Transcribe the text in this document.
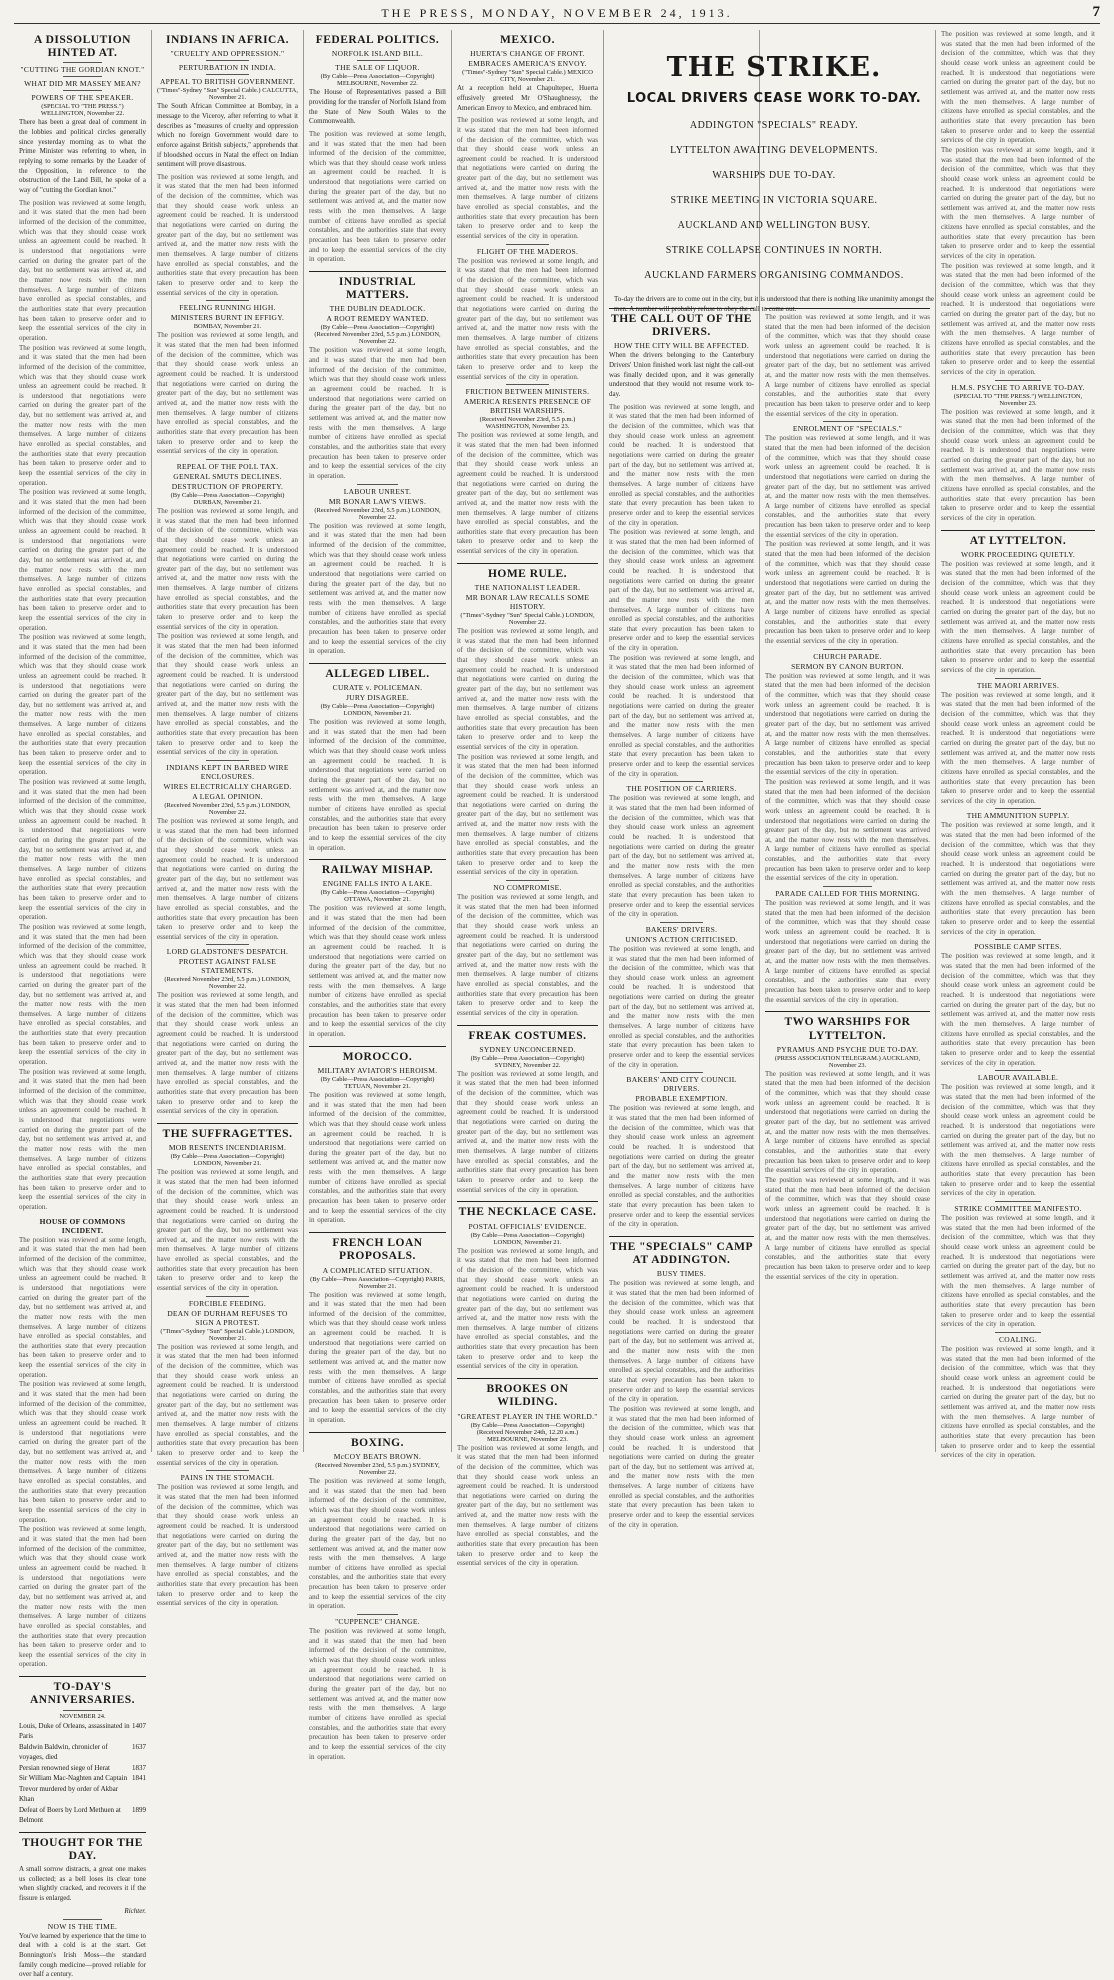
THE PRESS, MONDAY, NOVEMBER 24, 1913.	7
A DISSOLUTION HINTED AT.
"CUTTING THE GORDIAN KNOT."
WHAT DID MR MASSEY MEAN?
POWERS OF THE SPEAKER.
(SPECIAL TO "THE PRESS.") WELLINGTON, November 22.

There has been a great deal of comment in the lobbies and political circles generally since yesterday morning as to what the Prime Minister was referring to when, in replying to some remarks by the Leader of the Opposition, in reference to the obstruction of the Land Bill, he spoke of a way of "cutting the Gordian knot."

The position was reviewed at some length, and it was stated that the men had been informed of the decision of the committee, which was that they should cease work unless an agreement could be reached. It is understood that negotiations were carried on during the greater part of the day, but no settlement was arrived at, and the matter now rests with the men themselves. A large number of citizens have enrolled as special constables, and the authorities state that every precaution has been taken to preserve order and to keep the essential services of the city in operation.

The position was reviewed at some length, and it was stated that the men had been informed of the decision of the committee, which was that they should cease work unless an agreement could be reached. It is understood that negotiations were carried on during the greater part of the day, but no settlement was arrived at, and the matter now rests with the men themselves. A large number of citizens have enrolled as special constables, and the authorities state that every precaution has been taken to preserve order and to keep the essential services of the city in operation.

The position was reviewed at some length, and it was stated that the men had been informed of the decision of the committee, which was that they should cease work unless an agreement could be reached. It is understood that negotiations were carried on during the greater part of the day, but no settlement was arrived at, and the matter now rests with the men themselves. A large number of citizens have enrolled as special constables, and the authorities state that every precaution has been taken to preserve order and to keep the essential services of the city in operation.

The position was reviewed at some length, and it was stated that the men had been informed of the decision of the committee, which was that they should cease work unless an agreement could be reached. It is understood that negotiations were carried on during the greater part of the day, but no settlement was arrived at, and the matter now rests with the men themselves. A large number of citizens have enrolled as special constables, and the authorities state that every precaution has been taken to preserve order and to keep the essential services of the city in operation.

The position was reviewed at some length, and it was stated that the men had been informed of the decision of the committee, which was that they should cease work unless an agreement could be reached. It is understood that negotiations were carried on during the greater part of the day, but no settlement was arrived at, and the matter now rests with the men themselves. A large number of citizens have enrolled as special constables, and the authorities state that every precaution has been taken to preserve order and to keep the essential services of the city in operation.

The position was reviewed at some length, and it was stated that the men had been informed of the decision of the committee, which was that they should cease work unless an agreement could be reached. It is understood that negotiations were carried on during the greater part of the day, but no settlement was arrived at, and the matter now rests with the men themselves. A large number of citizens have enrolled as special constables, and the authorities state that every precaution has been taken to preserve order and to keep the essential services of the city in operation.

The position was reviewed at some length, and it was stated that the men had been informed of the decision of the committee, which was that they should cease work unless an agreement could be reached. It is understood that negotiations were carried on during the greater part of the day, but no settlement was arrived at, and the matter now rests with the men themselves. A large number of citizens have enrolled as special constables, and the authorities state that every precaution has been taken to preserve order and to keep the essential services of the city in operation.

HOUSE OF COMMONS INCIDENT.

The position was reviewed at some length, and it was stated that the men had been informed of the decision of the committee, which was that they should cease work unless an agreement could be reached. It is understood that negotiations were carried on during the greater part of the day, but no settlement was arrived at, and the matter now rests with the men themselves. A large number of citizens have enrolled as special constables, and the authorities state that every precaution has been taken to preserve order and to keep the essential services of the city in operation.

The position was reviewed at some length, and it was stated that the men had been informed of the decision of the committee, which was that they should cease work unless an agreement could be reached. It is understood that negotiations were carried on during the greater part of the day, but no settlement was arrived at, and the matter now rests with the men themselves. A large number of citizens have enrolled as special constables, and the authorities state that every precaution has been taken to preserve order and to keep the essential services of the city in operation.

The position was reviewed at some length, and it was stated that the men had been informed of the decision of the committee, which was that they should cease work unless an agreement could be reached. It is understood that negotiations were carried on during the greater part of the day, but no settlement was arrived at, and the matter now rests with the men themselves. A large number of citizens have enrolled as special constables, and the authorities state that every precaution has been taken to preserve order and to keep the essential services of the city in operation.

TO-DAY'S ANNIVERSARIES.
NOVEMBER 24.
Louis, Duke of Orleans, assassinated in Paris
1407
Baldwin Baldwin, chronicler of voyages, died
1637
Persian renowned siege of Herat	1837
Sir William Mac-Naghten and Captain Trevor murdered by order of Akbar Khan
1841
Defeat of Boers by Lord Methuen at Belmont
1899
THOUGHT FOR THE DAY.

A small sorrow distracts, a great one makes us collected; as a bell loses its clear tone when slightly cracked, and recovers it if the fissure is enlarged.

Richter.
NOW IS THE TIME.

You've learned by experience that the time to deal with a cold is at the start. Get Bonnington's Irish Moss—the standard family cough medicine—proved reliable for over half a century.

INDIANS IN AFRICA.
"CRUELTY AND OPPRESSION."
PERTURBATION IN INDIA.
APPEAL TO BRITISH GOVERNMENT.
("Times"-Sydney "Sun" Special Cable.) CALCUTTA, November 21.

The South African Committee at Bombay, in a message to the Viceroy, after referring to what it describes as "measures of cruelty and oppression which no foreign Government would dare to enforce against British subjects," apprehends that if bloodshed occurs in Natal the effect on Indian sentiment will prove disastrous.

The position was reviewed at some length, and it was stated that the men had been informed of the decision of the committee, which was that they should cease work unless an agreement could be reached. It is understood that negotiations were carried on during the greater part of the day, but no settlement was arrived at, and the matter now rests with the men themselves. A large number of citizens have enrolled as special constables, and the authorities state that every precaution has been taken to preserve order and to keep the essential services of the city in operation.

FEELING RUNNING HIGH.
MINISTERS BURNT IN EFFIGY.
BOMBAY, November 21.

The position was reviewed at some length, and it was stated that the men had been informed of the decision of the committee, which was that they should cease work unless an agreement could be reached. It is understood that negotiations were carried on during the greater part of the day, but no settlement was arrived at, and the matter now rests with the men themselves. A large number of citizens have enrolled as special constables, and the authorities state that every precaution has been taken to preserve order and to keep the essential services of the city in operation.

REPEAL OF THE POLL TAX.
GENERAL SMUTS DECLINES.
DESTRUCTION OF PROPERTY.
(By Cable—Press Association—Copyright) DURBAN, November 21.

The position was reviewed at some length, and it was stated that the men had been informed of the decision of the committee, which was that they should cease work unless an agreement could be reached. It is understood that negotiations were carried on during the greater part of the day, but no settlement was arrived at, and the matter now rests with the men themselves. A large number of citizens have enrolled as special constables, and the authorities state that every precaution has been taken to preserve order and to keep the essential services of the city in operation.

The position was reviewed at some length, and it was stated that the men had been informed of the decision of the committee, which was that they should cease work unless an agreement could be reached. It is understood that negotiations were carried on during the greater part of the day, but no settlement was arrived at, and the matter now rests with the men themselves. A large number of citizens have enrolled as special constables, and the authorities state that every precaution has been taken to preserve order and to keep the essential services of the city in operation.

INDIANS KEPT IN BARBED WIRE ENCLOSURES.
WIRES ELECTRICALLY CHARGED.
A LEGAL OPINION.
(Received November 23rd, 5.5 p.m.) LONDON, November 22.

The position was reviewed at some length, and it was stated that the men had been informed of the decision of the committee, which was that they should cease work unless an agreement could be reached. It is understood that negotiations were carried on during the greater part of the day, but no settlement was arrived at, and the matter now rests with the men themselves. A large number of citizens have enrolled as special constables, and the authorities state that every precaution has been taken to preserve order and to keep the essential services of the city in operation.

LORD GLADSTONE'S DESPATCH.
PROTEST AGAINST FALSE STATEMENTS.
(Received November 23rd, 5.5 p.m.) LONDON, November 22.

The position was reviewed at some length, and it was stated that the men had been informed of the decision of the committee, which was that they should cease work unless an agreement could be reached. It is understood that negotiations were carried on during the greater part of the day, but no settlement was arrived at, and the matter now rests with the men themselves. A large number of citizens have enrolled as special constables, and the authorities state that every precaution has been taken to preserve order and to keep the essential services of the city in operation.

THE SUFFRAGETTES.
MOB RESENTS INCENDIARISM.
(By Cable—Press Association—Copyright) LONDON, November 21.

The position was reviewed at some length, and it was stated that the men had been informed of the decision of the committee, which was that they should cease work unless an agreement could be reached. It is understood that negotiations were carried on during the greater part of the day, but no settlement was arrived at, and the matter now rests with the men themselves. A large number of citizens have enrolled as special constables, and the authorities state that every precaution has been taken to preserve order and to keep the essential services of the city in operation.

FORCIBLE FEEDING.
DEAN OF DURHAM REFUSES TO SIGN A PROTEST.
("Times"-Sydney "Sun" Special Cable.) LONDON, November 21.

The position was reviewed at some length, and it was stated that the men had been informed of the decision of the committee, which was that they should cease work unless an agreement could be reached. It is understood that negotiations were carried on during the greater part of the day, but no settlement was arrived at, and the matter now rests with the men themselves. A large number of citizens have enrolled as special constables, and the authorities state that every precaution has been taken to preserve order and to keep the essential services of the city in operation.

PAINS IN THE STOMACH.

The position was reviewed at some length, and it was stated that the men had been informed of the decision of the committee, which was that they should cease work unless an agreement could be reached. It is understood that negotiations were carried on during the greater part of the day, but no settlement was arrived at, and the matter now rests with the men themselves. A large number of citizens have enrolled as special constables, and the authorities state that every precaution has been taken to preserve order and to keep the essential services of the city in operation.

FEDERAL POLITICS.
NORFOLK ISLAND BILL.
THE SALE OF LIQUOR.
(By Cable—Press Association—Copyright) MELBOURNE, November 22.

The House of Representatives passed a Bill providing for the transfer of Norfolk Island from the State of New South Wales to the Commonwealth.

The position was reviewed at some length, and it was stated that the men had been informed of the decision of the committee, which was that they should cease work unless an agreement could be reached. It is understood that negotiations were carried on during the greater part of the day, but no settlement was arrived at, and the matter now rests with the men themselves. A large number of citizens have enrolled as special constables, and the authorities state that every precaution has been taken to preserve order and to keep the essential services of the city in operation.

INDUSTRIAL MATTERS.
THE DUBLIN DEADLOCK.
A ROOT REMEDY WANTED.
(By Cable—Press Association—Copyright) (Received November 23rd, 5.5 p.m.) LONDON, November 22.

The position was reviewed at some length, and it was stated that the men had been informed of the decision of the committee, which was that they should cease work unless an agreement could be reached. It is understood that negotiations were carried on during the greater part of the day, but no settlement was arrived at, and the matter now rests with the men themselves. A large number of citizens have enrolled as special constables, and the authorities state that every precaution has been taken to preserve order and to keep the essential services of the city in operation.

LABOUR UNREST.
MR BONAR LAW'S VIEWS.
(Received November 23rd, 5.5 p.m.) LONDON, November 22.

The position was reviewed at some length, and it was stated that the men had been informed of the decision of the committee, which was that they should cease work unless an agreement could be reached. It is understood that negotiations were carried on during the greater part of the day, but no settlement was arrived at, and the matter now rests with the men themselves. A large number of citizens have enrolled as special constables, and the authorities state that every precaution has been taken to preserve order and to keep the essential services of the city in operation.

ALLEGED LIBEL.
CURATE v. POLICEMAN.
JURY DISAGREE.
(By Cable—Press Association—Copyright) LONDON, November 21.

The position was reviewed at some length, and it was stated that the men had been informed of the decision of the committee, which was that they should cease work unless an agreement could be reached. It is understood that negotiations were carried on during the greater part of the day, but no settlement was arrived at, and the matter now rests with the men themselves. A large number of citizens have enrolled as special constables, and the authorities state that every precaution has been taken to preserve order and to keep the essential services of the city in operation.

RAILWAY MISHAP.
ENGINE FALLS INTO A LAKE.
(By Cable—Press Association—Copyright) OTTAWA, November 21.

The position was reviewed at some length, and it was stated that the men had been informed of the decision of the committee, which was that they should cease work unless an agreement could be reached. It is understood that negotiations were carried on during the greater part of the day, but no settlement was arrived at, and the matter now rests with the men themselves. A large number of citizens have enrolled as special constables, and the authorities state that every precaution has been taken to preserve order and to keep the essential services of the city in operation.

MOROCCO.
MILITARY AVIATOR'S HEROISM.
(By Cable—Press Association—Copyright) TETUAN, November 21.

The position was reviewed at some length, and it was stated that the men had been informed of the decision of the committee, which was that they should cease work unless an agreement could be reached. It is understood that negotiations were carried on during the greater part of the day, but no settlement was arrived at, and the matter now rests with the men themselves. A large number of citizens have enrolled as special constables, and the authorities state that every precaution has been taken to preserve order and to keep the essential services of the city in operation.

FRENCH LOAN PROPOSALS.
A COMPLICATED SITUATION.
(By Cable—Press Association—Copyright) PARIS, November 21.

The position was reviewed at some length, and it was stated that the men had been informed of the decision of the committee, which was that they should cease work unless an agreement could be reached. It is understood that negotiations were carried on during the greater part of the day, but no settlement was arrived at, and the matter now rests with the men themselves. A large number of citizens have enrolled as special constables, and the authorities state that every precaution has been taken to preserve order and to keep the essential services of the city in operation.

BOXING.
McCOY BEATS BROWN.
(Received November 23rd, 5.5 p.m.) SYDNEY, November 22.

The position was reviewed at some length, and it was stated that the men had been informed of the decision of the committee, which was that they should cease work unless an agreement could be reached. It is understood that negotiations were carried on during the greater part of the day, but no settlement was arrived at, and the matter now rests with the men themselves. A large number of citizens have enrolled as special constables, and the authorities state that every precaution has been taken to preserve order and to keep the essential services of the city in operation.

"CUPPENCE" CHANGE.

The position was reviewed at some length, and it was stated that the men had been informed of the decision of the committee, which was that they should cease work unless an agreement could be reached. It is understood that negotiations were carried on during the greater part of the day, but no settlement was arrived at, and the matter now rests with the men themselves. A large number of citizens have enrolled as special constables, and the authorities state that every precaution has been taken to preserve order and to keep the essential services of the city in operation.

MEXICO.
HUERTA'S CHANGE OF FRONT.
EMBRACES AMERICA'S ENVOY.
("Times"-Sydney "Sun" Special Cable.) MEXICO CITY, November 21.

At a reception held at Chapultepec, Huerta effusively greeted Mr O'Shaughnessy, the American Envoy to Mexico, and embraced him.

The position was reviewed at some length, and it was stated that the men had been informed of the decision of the committee, which was that they should cease work unless an agreement could be reached. It is understood that negotiations were carried on during the greater part of the day, but no settlement was arrived at, and the matter now rests with the men themselves. A large number of citizens have enrolled as special constables, and the authorities state that every precaution has been taken to preserve order and to keep the essential services of the city in operation.

FLIGHT OF THE MADEROS.

The position was reviewed at some length, and it was stated that the men had been informed of the decision of the committee, which was that they should cease work unless an agreement could be reached. It is understood that negotiations were carried on during the greater part of the day, but no settlement was arrived at, and the matter now rests with the men themselves. A large number of citizens have enrolled as special constables, and the authorities state that every precaution has been taken to preserve order and to keep the essential services of the city in operation.

FRICTION BETWEEN MINISTERS.
AMERICA RESENTS PRESENCE OF BRITISH WARSHIPS.
(Received November 23rd, 5.5 p.m.) WASHINGTON, November 23.

The position was reviewed at some length, and it was stated that the men had been informed of the decision of the committee, which was that they should cease work unless an agreement could be reached. It is understood that negotiations were carried on during the greater part of the day, but no settlement was arrived at, and the matter now rests with the men themselves. A large number of citizens have enrolled as special constables, and the authorities state that every precaution has been taken to preserve order and to keep the essential services of the city in operation.

HOME RULE.
THE NATIONALIST LEADER.
MR BONAR LAW RECALLS SOME HISTORY.
("Times"-Sydney "Sun" Special Cable.) LONDON, November 22.

The position was reviewed at some length, and it was stated that the men had been informed of the decision of the committee, which was that they should cease work unless an agreement could be reached. It is understood that negotiations were carried on during the greater part of the day, but no settlement was arrived at, and the matter now rests with the men themselves. A large number of citizens have enrolled as special constables, and the authorities state that every precaution has been taken to preserve order and to keep the essential services of the city in operation.

The position was reviewed at some length, and it was stated that the men had been informed of the decision of the committee, which was that they should cease work unless an agreement could be reached. It is understood that negotiations were carried on during the greater part of the day, but no settlement was arrived at, and the matter now rests with the men themselves. A large number of citizens have enrolled as special constables, and the authorities state that every precaution has been taken to preserve order and to keep the essential services of the city in operation.

NO COMPROMISE.

The position was reviewed at some length, and it was stated that the men had been informed of the decision of the committee, which was that they should cease work unless an agreement could be reached. It is understood that negotiations were carried on during the greater part of the day, but no settlement was arrived at, and the matter now rests with the men themselves. A large number of citizens have enrolled as special constables, and the authorities state that every precaution has been taken to preserve order and to keep the essential services of the city in operation.

FREAK COSTUMES.
SYDNEY UNCONCERNED.
(By Cable—Press Association—Copyright) SYDNEY, November 22.

The position was reviewed at some length, and it was stated that the men had been informed of the decision of the committee, which was that they should cease work unless an agreement could be reached. It is understood that negotiations were carried on during the greater part of the day, but no settlement was arrived at, and the matter now rests with the men themselves. A large number of citizens have enrolled as special constables, and the authorities state that every precaution has been taken to preserve order and to keep the essential services of the city in operation.

THE NECKLACE CASE.
POSTAL OFFICIALS' EVIDENCE.
(By Cable—Press Association—Copyright) LONDON, November 21.

The position was reviewed at some length, and it was stated that the men had been informed of the decision of the committee, which was that they should cease work unless an agreement could be reached. It is understood that negotiations were carried on during the greater part of the day, but no settlement was arrived at, and the matter now rests with the men themselves. A large number of citizens have enrolled as special constables, and the authorities state that every precaution has been taken to preserve order and to keep the essential services of the city in operation.

BROOKES ON WILDING.
"GREATEST PLAYER IN THE WORLD."
(By Cable—Press Association—Copyright) (Received November 24th, 12.20 a.m.) MELBOURNE, November 23.

The position was reviewed at some length, and it was stated that the men had been informed of the decision of the committee, which was that they should cease work unless an agreement could be reached. It is understood that negotiations were carried on during the greater part of the day, but no settlement was arrived at, and the matter now rests with the men themselves. A large number of citizens have enrolled as special constables, and the authorities state that every precaution has been taken to preserve order and to keep the essential services of the city in operation.

THE CALL OUT OF THE DRIVERS.
HOW THE CITY WILL BE AFFECTED.

When the drivers belonging to the Canterbury Drivers' Union finished work last night the call-out was finally decided upon, and it was generally understood that they would not resume work to-day.

The position was reviewed at some length, and it was stated that the men had been informed of the decision of the committee, which was that they should cease work unless an agreement could be reached. It is understood that negotiations were carried on during the greater part of the day, but no settlement was arrived at, and the matter now rests with the men themselves. A large number of citizens have enrolled as special constables, and the authorities state that every precaution has been taken to preserve order and to keep the essential services of the city in operation.

The position was reviewed at some length, and it was stated that the men had been informed of the decision of the committee, which was that they should cease work unless an agreement could be reached. It is understood that negotiations were carried on during the greater part of the day, but no settlement was arrived at, and the matter now rests with the men themselves. A large number of citizens have enrolled as special constables, and the authorities state that every precaution has been taken to preserve order and to keep the essential services of the city in operation.

The position was reviewed at some length, and it was stated that the men had been informed of the decision of the committee, which was that they should cease work unless an agreement could be reached. It is understood that negotiations were carried on during the greater part of the day, but no settlement was arrived at, and the matter now rests with the men themselves. A large number of citizens have enrolled as special constables, and the authorities state that every precaution has been taken to preserve order and to keep the essential services of the city in operation.

THE POSITION OF CARRIERS.

The position was reviewed at some length, and it was stated that the men had been informed of the decision of the committee, which was that they should cease work unless an agreement could be reached. It is understood that negotiations were carried on during the greater part of the day, but no settlement was arrived at, and the matter now rests with the men themselves. A large number of citizens have enrolled as special constables, and the authorities state that every precaution has been taken to preserve order and to keep the essential services of the city in operation.

BAKERS' DRIVERS.
UNION'S ACTION CRITICISED.

The position was reviewed at some length, and it was stated that the men had been informed of the decision of the committee, which was that they should cease work unless an agreement could be reached. It is understood that negotiations were carried on during the greater part of the day, but no settlement was arrived at, and the matter now rests with the men themselves. A large number of citizens have enrolled as special constables, and the authorities state that every precaution has been taken to preserve order and to keep the essential services of the city in operation.

BAKERS' AND CITY COUNCIL DRIVERS.
PROBABLE EXEMPTION.

The position was reviewed at some length, and it was stated that the men had been informed of the decision of the committee, which was that they should cease work unless an agreement could be reached. It is understood that negotiations were carried on during the greater part of the day, but no settlement was arrived at, and the matter now rests with the men themselves. A large number of citizens have enrolled as special constables, and the authorities state that every precaution has been taken to preserve order and to keep the essential services of the city in operation.

THE "SPECIALS" CAMP AT ADDINGTON.
BUSY TIMES.

The position was reviewed at some length, and it was stated that the men had been informed of the decision of the committee, which was that they should cease work unless an agreement could be reached. It is understood that negotiations were carried on during the greater part of the day, but no settlement was arrived at, and the matter now rests with the men themselves. A large number of citizens have enrolled as special constables, and the authorities state that every precaution has been taken to preserve order and to keep the essential services of the city in operation.

The position was reviewed at some length, and it was stated that the men had been informed of the decision of the committee, which was that they should cease work unless an agreement could be reached. It is understood that negotiations were carried on during the greater part of the day, but no settlement was arrived at, and the matter now rests with the men themselves. A large number of citizens have enrolled as special constables, and the authorities state that every precaution has been taken to preserve order and to keep the essential services of the city in operation.

The position was reviewed at some length, and it was stated that the men had been informed of the decision of the committee, which was that they should cease work unless an agreement could be reached. It is understood that negotiations were carried on during the greater part of the day, but no settlement was arrived at, and the matter now rests with the men themselves. A large number of citizens have enrolled as special constables, and the authorities state that every precaution has been taken to preserve order and to keep the essential services of the city in operation.

ENROLMENT OF "SPECIALS."

The position was reviewed at some length, and it was stated that the men had been informed of the decision of the committee, which was that they should cease work unless an agreement could be reached. It is understood that negotiations were carried on during the greater part of the day, but no settlement was arrived at, and the matter now rests with the men themselves. A large number of citizens have enrolled as special constables, and the authorities state that every precaution has been taken to preserve order and to keep the essential services of the city in operation.

The position was reviewed at some length, and it was stated that the men had been informed of the decision of the committee, which was that they should cease work unless an agreement could be reached. It is understood that negotiations were carried on during the greater part of the day, but no settlement was arrived at, and the matter now rests with the men themselves. A large number of citizens have enrolled as special constables, and the authorities state that every precaution has been taken to preserve order and to keep the essential services of the city in operation.

CHURCH PARADE.
SERMON BY CANON BURTON.

The position was reviewed at some length, and it was stated that the men had been informed of the decision of the committee, which was that they should cease work unless an agreement could be reached. It is understood that negotiations were carried on during the greater part of the day, but no settlement was arrived at, and the matter now rests with the men themselves. A large number of citizens have enrolled as special constables, and the authorities state that every precaution has been taken to preserve order and to keep the essential services of the city in operation.

The position was reviewed at some length, and it was stated that the men had been informed of the decision of the committee, which was that they should cease work unless an agreement could be reached. It is understood that negotiations were carried on during the greater part of the day, but no settlement was arrived at, and the matter now rests with the men themselves. A large number of citizens have enrolled as special constables, and the authorities state that every precaution has been taken to preserve order and to keep the essential services of the city in operation.

PARADE CALLED FOR THIS MORNING.

The position was reviewed at some length, and it was stated that the men had been informed of the decision of the committee, which was that they should cease work unless an agreement could be reached. It is understood that negotiations were carried on during the greater part of the day, but no settlement was arrived at, and the matter now rests with the men themselves. A large number of citizens have enrolled as special constables, and the authorities state that every precaution has been taken to preserve order and to keep the essential services of the city in operation.

TWO WARSHIPS FOR LYTTELTON.
PYRAMUS AND PSYCHE DUE TO-DAY.
(PRESS ASSOCIATION TELEGRAM.) AUCKLAND, November 23.

The position was reviewed at some length, and it was stated that the men had been informed of the decision of the committee, which was that they should cease work unless an agreement could be reached. It is understood that negotiations were carried on during the greater part of the day, but no settlement was arrived at, and the matter now rests with the men themselves. A large number of citizens have enrolled as special constables, and the authorities state that every precaution has been taken to preserve order and to keep the essential services of the city in operation.

The position was reviewed at some length, and it was stated that the men had been informed of the decision of the committee, which was that they should cease work unless an agreement could be reached. It is understood that negotiations were carried on during the greater part of the day, but no settlement was arrived at, and the matter now rests with the men themselves. A large number of citizens have enrolled as special constables, and the authorities state that every precaution has been taken to preserve order and to keep the essential services of the city in operation.

The position was reviewed at some length, and it was stated that the men had been informed of the decision of the committee, which was that they should cease work unless an agreement could be reached. It is understood that negotiations were carried on during the greater part of the day, but no settlement was arrived at, and the matter now rests with the men themselves. A large number of citizens have enrolled as special constables, and the authorities state that every precaution has been taken to preserve order and to keep the essential services of the city in operation.

The position was reviewed at some length, and it was stated that the men had been informed of the decision of the committee, which was that they should cease work unless an agreement could be reached. It is understood that negotiations were carried on during the greater part of the day, but no settlement was arrived at, and the matter now rests with the men themselves. A large number of citizens have enrolled as special constables, and the authorities state that every precaution has been taken to preserve order and to keep the essential services of the city in operation.

The position was reviewed at some length, and it was stated that the men had been informed of the decision of the committee, which was that they should cease work unless an agreement could be reached. It is understood that negotiations were carried on during the greater part of the day, but no settlement was arrived at, and the matter now rests with the men themselves. A large number of citizens have enrolled as special constables, and the authorities state that every precaution has been taken to preserve order and to keep the essential services of the city in operation.

H.M.S. PSYCHE TO ARRIVE TO-DAY.
(SPECIAL TO "THE PRESS.") WELLINGTON, November 23.

The position was reviewed at some length, and it was stated that the men had been informed of the decision of the committee, which was that they should cease work unless an agreement could be reached. It is understood that negotiations were carried on during the greater part of the day, but no settlement was arrived at, and the matter now rests with the men themselves. A large number of citizens have enrolled as special constables, and the authorities state that every precaution has been taken to preserve order and to keep the essential services of the city in operation.

AT LYTTELTON.
WORK PROCEEDING QUIETLY.

The position was reviewed at some length, and it was stated that the men had been informed of the decision of the committee, which was that they should cease work unless an agreement could be reached. It is understood that negotiations were carried on during the greater part of the day, but no settlement was arrived at, and the matter now rests with the men themselves. A large number of citizens have enrolled as special constables, and the authorities state that every precaution has been taken to preserve order and to keep the essential services of the city in operation.

THE MAORI ARRIVES.

The position was reviewed at some length, and it was stated that the men had been informed of the decision of the committee, which was that they should cease work unless an agreement could be reached. It is understood that negotiations were carried on during the greater part of the day, but no settlement was arrived at, and the matter now rests with the men themselves. A large number of citizens have enrolled as special constables, and the authorities state that every precaution has been taken to preserve order and to keep the essential services of the city in operation.

THE AMMUNITION SUPPLY.

The position was reviewed at some length, and it was stated that the men had been informed of the decision of the committee, which was that they should cease work unless an agreement could be reached. It is understood that negotiations were carried on during the greater part of the day, but no settlement was arrived at, and the matter now rests with the men themselves. A large number of citizens have enrolled as special constables, and the authorities state that every precaution has been taken to preserve order and to keep the essential services of the city in operation.

POSSIBLE CAMP SITES.

The position was reviewed at some length, and it was stated that the men had been informed of the decision of the committee, which was that they should cease work unless an agreement could be reached. It is understood that negotiations were carried on during the greater part of the day, but no settlement was arrived at, and the matter now rests with the men themselves. A large number of citizens have enrolled as special constables, and the authorities state that every precaution has been taken to preserve order and to keep the essential services of the city in operation.

LABOUR AVAILABLE.

The position was reviewed at some length, and it was stated that the men had been informed of the decision of the committee, which was that they should cease work unless an agreement could be reached. It is understood that negotiations were carried on during the greater part of the day, but no settlement was arrived at, and the matter now rests with the men themselves. A large number of citizens have enrolled as special constables, and the authorities state that every precaution has been taken to preserve order and to keep the essential services of the city in operation.

STRIKE COMMITTEE MANIFESTO.

The position was reviewed at some length, and it was stated that the men had been informed of the decision of the committee, which was that they should cease work unless an agreement could be reached. It is understood that negotiations were carried on during the greater part of the day, but no settlement was arrived at, and the matter now rests with the men themselves. A large number of citizens have enrolled as special constables, and the authorities state that every precaution has been taken to preserve order and to keep the essential services of the city in operation.

COALING.

The position was reviewed at some length, and it was stated that the men had been informed of the decision of the committee, which was that they should cease work unless an agreement could be reached. It is understood that negotiations were carried on during the greater part of the day, but no settlement was arrived at, and the matter now rests with the men themselves. A large number of citizens have enrolled as special constables, and the authorities state that every precaution has been taken to preserve order and to keep the essential services of the city in operation.

THE STRIKE.
LOCAL DRIVERS CEASE WORK TO-DAY.
ADDINGTON "SPECIALS" READY.
LYTTELTON AWAITING DEVELOPMENTS.
WARSHIPS DUE TO-DAY.
STRIKE MEETING IN VICTORIA SQUARE.
AUCKLAND AND WELLINGTON BUSY.
STRIKE COLLAPSE CONTINUES IN NORTH.
AUCKLAND FARMERS ORGANISING COMMANDOS.

To-day the drivers are to come out in the city, but it is understood that there is nothing like unanimity amongst the men. A number will probably refuse to obey the call to come out.
